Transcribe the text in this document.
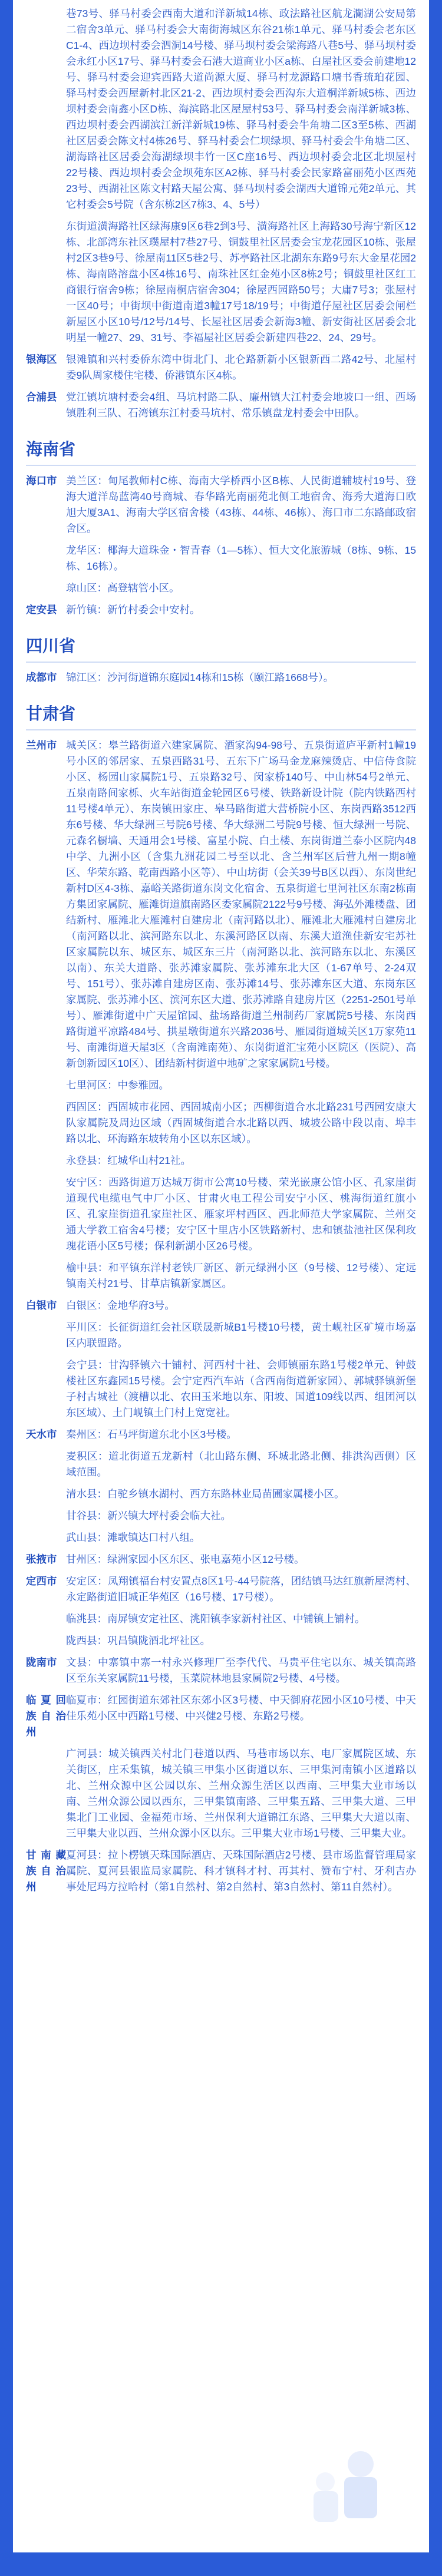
巷73号、驿马村委会西南大道和洋新城14栋、政法路社区航龙瀾湖公安局第二宿舍3单元、驿马村委会大南街海城区东谷21栋1单元、驿马村委会老东区C1-4、西边坝村委会泗洞14号楼、驿马坝村委会梁海路八巷5号、驿马坝村委会永红小区17号、驿马村委会石港大道商业小区a栋、白屋社区委会前建地12号、驿马村委会迎宾西路大道尚源大厦、驿马村龙源路口塘书香琉珀花园、驿马村委会西屋新村北区21-2、西边坝村委会西沟东大道桐洋新城5栋、西边坝村委会南鑫小区D栋、海滨路北区屋屋村53号、驿马村委会南洋新城3栋、西边坝村委会西湖滨江新洋新城19栋、驿马村委会牛角塘二区3至5栋、西湖社区居委会陈文村4栋26号、驿马村委会仁坝绿坝、驿马村委会牛角塘二区、湖海路社区居委会海湖绿坝丰竹一区C座16号、西边坝村委会北区北坝屋村22号楼、西边坝村委会金坝苑东区A2栋、驿马村委会民家路富丽苑小区西苑23号、西湖社区陈文村路天屋公寓、驿马坝村委会湖西大道锦元苑2单元、其它村委会5号院（含东栋2区7栋3、4、5号）
东街道潢海路社区绿海康9区6巷2到3号、潢海路社区上海路30号海宁新区12栋、北部湾东社区璞屋村7巷27号、铜鼓里社区居委会宝龙花园区10栋、张屋村2区3巷9号、徐屋南11区5巷2号、苏亭路社区北湖东东路9号东大金星花园2栋、海南路溶盘小区4栋16号、南珠社区红金苑小区8栋2号；铜鼓里社区红工商银行宿舍9栋；徐屋南桐店宿舍304；徐屋西园路50号；大庸7号3；张屋村一区40号；中街坝中街道南道3幢17号18/19号；中街道仔屋社区居委会闸栏新屋区小区10号/12号/14号、长屋社区居委会新海3幢、新安街社区居委会北明星一幢27、29、31号、李福屋社区居委会新建四巷22、24、29号。
银海区 银滩镇和兴村委侨东湾中街北门、北仑路新新小区银新西二路42号、北屋村委9队周家楼住宅楼、侨港镇东区4栋。
合浦县 党江镇坑塘村委会4组、马坑村路二队、廉州镇大江村委会地坡口一组、西场镇胜利三队、石湾镇东江村委马坑村、常乐镇盘龙村委会中田队。
海南省
海口市 美兰区：甸尾教师村C栋、海南大学桥西小区B栋、人民街道辅坡村19号、登海大道洋岛蓝湾40号商城、春华路光南丽苑北侧工地宿舍、海秀大道海口欧旭大厦3A1、海南大学区宿舍楼（43栋、44栋、46栋）、海口市二东路邮政宿舍区。
龙华区：椰海大道珠金・智青春（1—5栋）、恒大文化旅游城（8栋、9栋、15栋、16栋）。
琼山区：高登辖管小区。
定安县 新竹镇：新竹村委会中安村。
四川省
成都市 锦江区：沙河街道锦东庭园14栋和15栋（颐江路1668号）。
甘肃省
兰州市 城关区：皋兰路街道六建家属院、酒家沟94-98号、五泉街道庐平新村1幢19号小区的邻居家、五泉西路31号、五东下广场马金龙麻辣烫店、中信侍食院小区、杨园山家属院1号、五泉路32号、闵家桥140号、中山林54号2单元、五泉南路间家栎、火车站街道金轮园区6号楼、铁路新设计院（院内铁路西村11号楼4单元）、东岗镇田家庄、皋马路街道大营桥院小区、东岗西路3512西东6号楼、华大绿洲三号院6号楼、华大绿洲二号院9号楼、恒大绿洲一号院、元森名橱墙、天通用会1号楼、富星小院、白土楼、东岗街道兰泰小区院内48中学、九洲小区（含集九洲花园二号至以北、含兰州军区后营九州一期8幢区、华荣东路、乾南西路小区等）、中山坊街（会关39号B区以西）、东岗世纪新村D区4-3栋、嘉峪关路街道东岗文化宿舍、五泉街道七里河社区东南2栋南方集团家属院、雁滩街道旗南路区委家属院2122号9号楼、海弘外滩楼盘、团结新村、雁滩北大雁滩村自建房北（南河路以北）、雁滩北大雁滩村自建房北（南河路以北、滨河路东以北、东溪河路区以南、东溪大道渔佳新安宅苏社区家属院以东、城区东、城区东三片（南河路以北、滨河路东以北、东溪区以南）、东关大道路、张苏滩家属院、张苏滩东北大区（1-67单号、2-24双号、151号）、张苏滩自建房区南、张苏滩14号、张苏滩东区大道、东岗东区家属院、张苏滩小区、滨河东区大道、张苏滩路自建房片区（2251-2501号单号）、雁滩街道中广天屋馆园、盐场路街道兰州制药厂家属院5号楼、东岗西路街道平凉路484号、拱星墩街道东兴路2036号、雁园街道城关区1万家苑11号、南滩街道天屋3区（含南滩南苑）、东岗街道汇宝苑小区院区（医院）、高新创新园区10区）、团结新村街道中地矿之家家属院1号楼。
七里河区：中参雅园。
西固区：西固城市花园、西固城南小区；西柳街道合水北路231号西园安康大队家属院及周边区域（西固城街道合水北路以西、城坡公路中段以南、埠丰路以北、环海路东坡转角小区以东区域）。
永登县：红城华山村21社。
安宁区：西路街道万达城万街市公寓10号楼、荣光嵌康公馆小区、孔家崖街道现代电缆电气中厂小区、甘肃火电工程公司安宁小区、桃海街道红旗小区、孔家崖街道孔家崖社区、雁家坪村西区、西北师范大学家属院、兰州交通大学教工宿舍4号楼；安宁区十里店小区铁路新村、忠和镇盐池社区保利玫瑰花语小区5号楼；保利新湖小区26号楼。
榆中县：和平镇东洋村老铁厂新区、新元绿洲小区（9号楼、12号楼）、定远镇南关村21号、甘草店镇新家属区。
白银市 白银区：金地华府3号。
平川区：长征街道红会社区联晟新城B1号楼10号楼，黄土岘社区矿境市场嘉区内联盟路。
会宁县：甘沟驿镇六十铺村、河西村十社、会师镇丽东路1号楼2单元、钟鼓楼社区东鑫园15号楼。会宁定西汽车站（含西南街道新家园）、郭城驿镇新堡子村古城社（渡槽以北、农田玉米地以东、阳坡、国道109线以西、组团河以东区域）、土门岘镇土门村上宽宽社。
天水市 秦州区：石马坪街道东北小区3号楼。
麦积区：道北街道五龙新村（北山路东侧、环城北路北侧、排洪沟西侧）区域范围。
清水县：白驼乡镇水湖村、西方东路林业局苗圃家属楼小区。
甘谷县：新兴镇大坪村委会临大社。
武山县：滩歌镇达口村八组。
张掖市 甘州区：绿洲家园小区东区、张电嘉苑小区12号楼。
定西市 安定区：凤翔镇福台村安置点8区1号-44号院落，团结镇马达红旗新屋湾村、永定路街道旧城正华苑区（16号楼、17号楼）。
临洮县：南屏镇安定社区、洮阳镇李家新村社区、中铺镇上铺村。
陇西县：巩昌镇陇酒北坪社区。
陇南市 文县：中寨镇中寨一村永兴修理厂至李代代、马贵平住宅以东、城关镇高路区至东关家属院11号楼，玉菜院林地县家属院2号楼、4号楼。
临夏回族自治州
临夏市：红园街道东郊社区东郊小区3号楼、中天御府花园小区10号楼、中天佳乐苑小区中西路1号楼、中兴健2号楼、东路2号楼。
广河县：城关镇西关村北门巷道以西、马巷市场以东、电厂家属院区域、东关街区，庄禾集镇，城关镇三甲集小区街道以东、三甲集河南镇小区道路以北、兰州众源中区公园以东、兰州众源生活区以西南、三甲集大业市场以南、兰州众源公园以西东，三甲集镇南路、三甲集五路、三甲集大道、三甲集北门工业园、金福苑市场、兰州保利大道锦江东路、三甲集大大道以南、三甲集大业以西、兰州众源小区以东。三甲集大业市场1号楼、三甲集大业。
甘南藏族自治州
夏河县：拉卜楞镇天珠国际酒店、天珠国际酒店2号楼、县市场监督管理局家属院、夏河县银监局家属院、科才镇科才村、再其村、赞布宁村、牙利吉办事处尼玛方拉哈村（第1自然村、第2自然村、第3自然村、第11自然村）。
